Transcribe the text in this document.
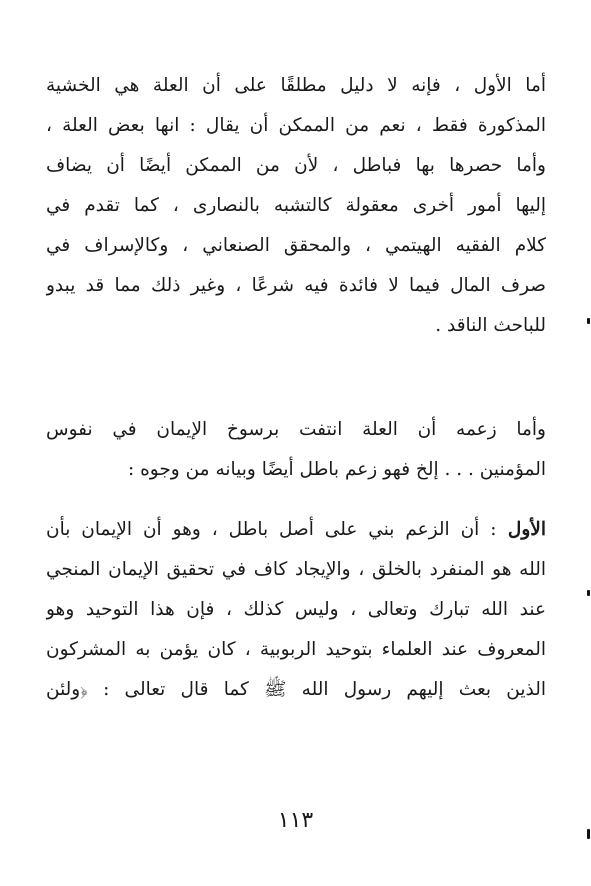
أما الأول ، فإنه لا دليل مطلقًا على أن العلة هي الخشية
المذكورة فقط ، نعم من الممكن أن يقال : انها بعض العلة ،
وأما حصرها بها فباطل ، لأن من الممكن أيضًا أن يضاف
إليها أمور أخرى معقولة كالتشبه بالنصارى ، كما تقدم في
كلام الفقيه الهيتمي ، والمحقق الصنعاني ، وكالإسراف في
صرف المال فيما لا فائدة فيه شرعًا ، وغير ذلك مما قد يبدو
للباحث الناقد .
وأما زعمه أن العلة انتفت برسوخ الإيمان في نفوس
المؤمنين . . . إلخ فهو زعم باطل أيضًا وبيانه من وجوه :
الأول : أن الزعم بني على أصل باطل ، وهو أن الإيمان بأن
الله هو المنفرد بالخلق ، والإيجاد كاف في تحقيق الإيمان المنجي
عند الله تبارك وتعالى ، وليس كذلك ، فإن هذا التوحيد وهو
المعروف عند العلماء بتوحيد الربوبية ، كان يؤمن به المشركون
الذين بعث إليهم رسول الله ﷺ كما قال تعالى : ﴿ولئن
١١٣
